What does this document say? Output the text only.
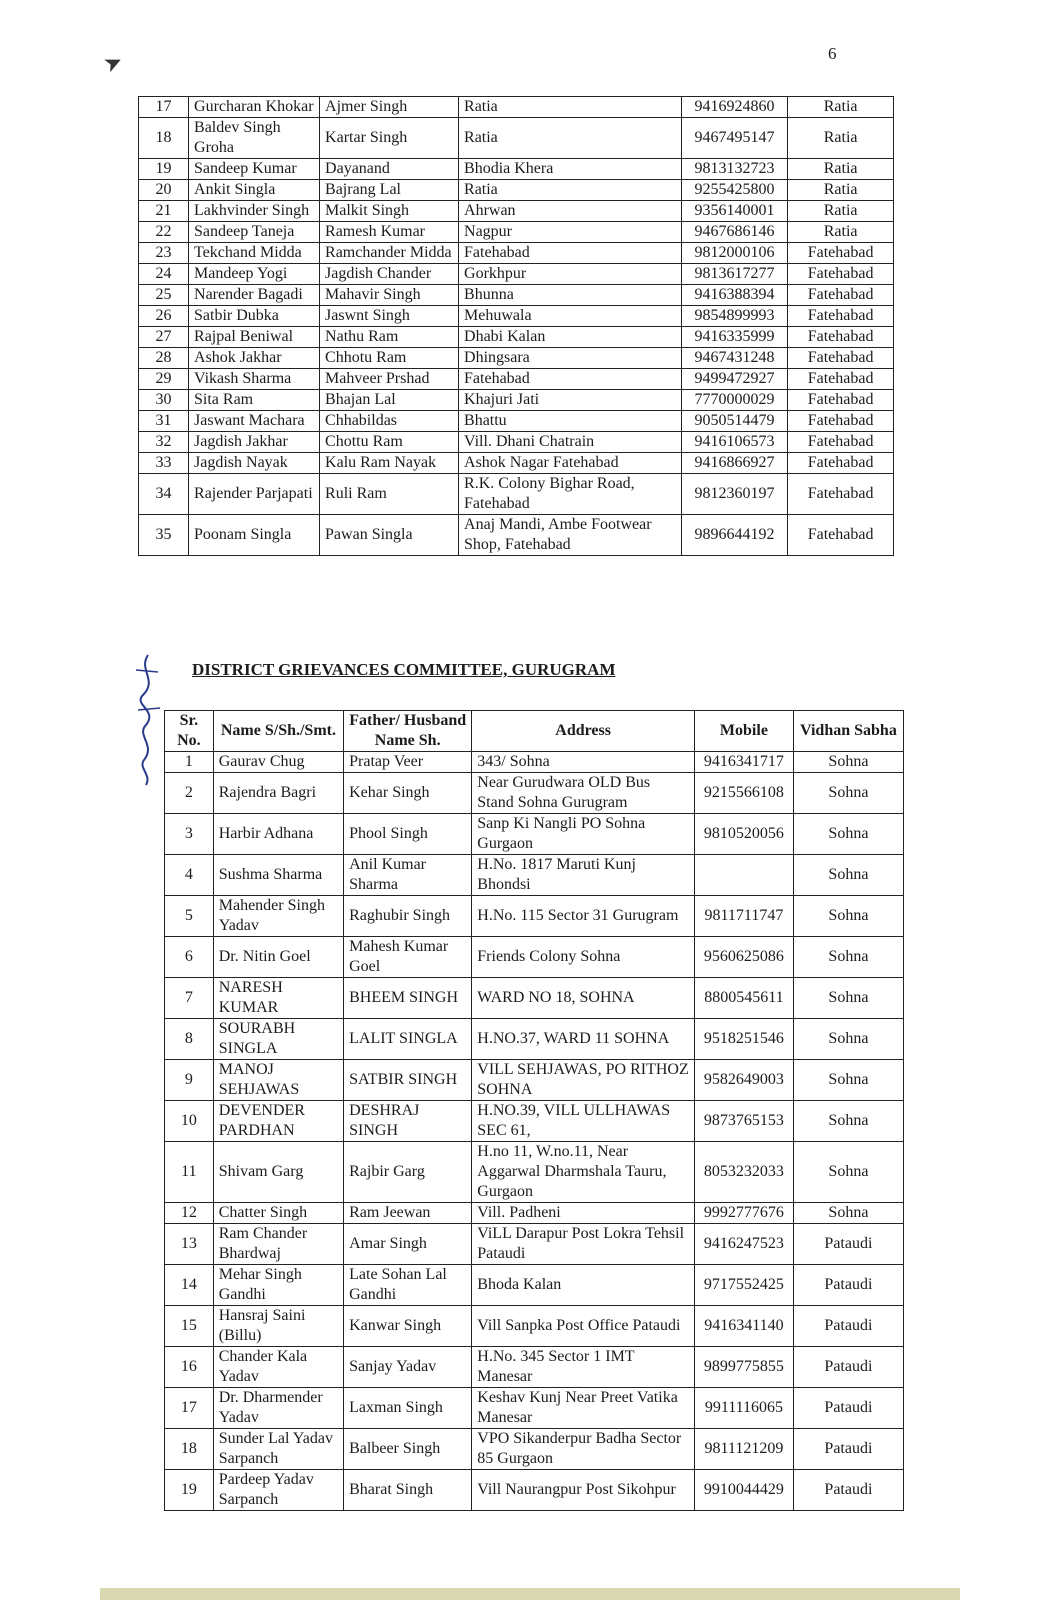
➤	6
17	Gurcharan Khokar	Ajmer Singh	Ratia	9416924860	Ratia
18	Baldev Singh Groha	Kartar Singh	Ratia	9467495147	Ratia
19	Sandeep Kumar	Dayanand	Bhodia Khera	9813132723	Ratia
20	Ankit Singla	Bajrang Lal	Ratia	9255425800	Ratia
21	Lakhvinder Singh	Malkit Singh	Ahrwan	9356140001	Ratia
22	Sandeep Taneja	Ramesh Kumar	Nagpur	9467686146	Ratia
23	Tekchand Midda	Ramchander Midda	Fatehabad	9812000106	Fatehabad
24	Mandeep Yogi	Jagdish Chander	Gorkhpur	9813617277	Fatehabad
25	Narender Bagadi	Mahavir Singh	Bhunna	9416388394	Fatehabad
26	Satbir Dubka	Jaswnt Singh	Mehuwala	9854899993	Fatehabad
27	Rajpal Beniwal	Nathu Ram	Dhabi Kalan	9416335999	Fatehabad
28	Ashok Jakhar	Chhotu Ram	Dhingsara	9467431248	Fatehabad
29	Vikash Sharma	Mahveer Prshad	Fatehabad	9499472927	Fatehabad
30	Sita Ram	Bhajan Lal	Khajuri Jati	7770000029	Fatehabad
31	Jaswant Machara	Chhabildas	Bhattu	9050514479	Fatehabad
32	Jagdish Jakhar	Chottu Ram	Vill. Dhani Chatrain	9416106573	Fatehabad
33	Jagdish Nayak	Kalu Ram Nayak	Ashok Nagar Fatehabad	9416866927	Fatehabad
34	Rajender Parjapati	Ruli Ram	R.K. Colony Bighar Road, Fatehabad	9812360197	Fatehabad
35	Poonam Singla	Pawan Singla	Anaj Mandi, Ambe Footwear Shop, Fatehabad	9896644192	Fatehabad
DISTRICT GRIEVANCES COMMITTEE, GURUGRAM
Sr. No.	Name S/Sh./Smt.	Father/ Husband Name Sh.	Address	Mobile	Vidhan Sabha
1	Gaurav Chug	Pratap Veer	343/ Sohna	9416341717	Sohna
2	Rajendra Bagri	Kehar Singh	Near Gurudwara OLD Bus Stand Sohna Gurugram	9215566108	Sohna
3	Harbir Adhana	Phool Singh	Sanp Ki Nangli PO Sohna Gurgaon	9810520056	Sohna
4	Sushma Sharma	Anil Kumar Sharma	H.No. 1817 Maruti Kunj Bhondsi		Sohna
5	Mahender Singh Yadav	Raghubir Singh	H.No. 115 Sector 31 Gurugram	9811711747	Sohna
6	Dr. Nitin Goel	Mahesh Kumar Goel	Friends Colony Sohna	9560625086	Sohna
7	NARESH KUMAR	BHEEM SINGH	WARD NO 18, SOHNA	8800545611	Sohna
8	SOURABH SINGLA	LALIT SINGLA	H.NO.37, WARD 11 SOHNA	9518251546	Sohna
9	MANOJ SEHJAWAS	SATBIR SINGH	VILL SEHJAWAS, PO RITHOZ SOHNA	9582649003	Sohna
10	DEVENDER PARDHAN	DESHRAJ SINGH	H.NO.39, VILL ULLHAWAS SEC 61,	9873765153	Sohna
11	Shivam Garg	Rajbir Garg	H.no 11, W.no.11, Near Aggarwal Dharmshala Tauru, Gurgaon	8053232033	Sohna
12	Chatter Singh	Ram Jeewan	Vill. Padheni	9992777676	Sohna
13	Ram Chander Bhardwaj	Amar Singh	ViLL Darapur Post Lokra Tehsil Pataudi	9416247523	Pataudi
14	Mehar Singh Gandhi	Late Sohan Lal Gandhi	Bhoda Kalan	9717552425	Pataudi
15	Hansraj Saini (Billu)	Kanwar Singh	Vill Sanpka Post Office Pataudi	9416341140	Pataudi
16	Chander Kala Yadav	Sanjay Yadav	H.No. 345 Sector 1 IMT Manesar	9899775855	Pataudi
17	Dr. Dharmender Yadav	Laxman Singh	Keshav Kunj Near Preet Vatika Manesar	9911116065	Pataudi
18	Sunder Lal Yadav Sarpanch	Balbeer Singh	VPO Sikanderpur Badha Sector 85 Gurgaon	9811121209	Pataudi
19	Pardeep Yadav Sarpanch	Bharat Singh	Vill Naurangpur Post Sikohpur	9910044429	Pataudi
